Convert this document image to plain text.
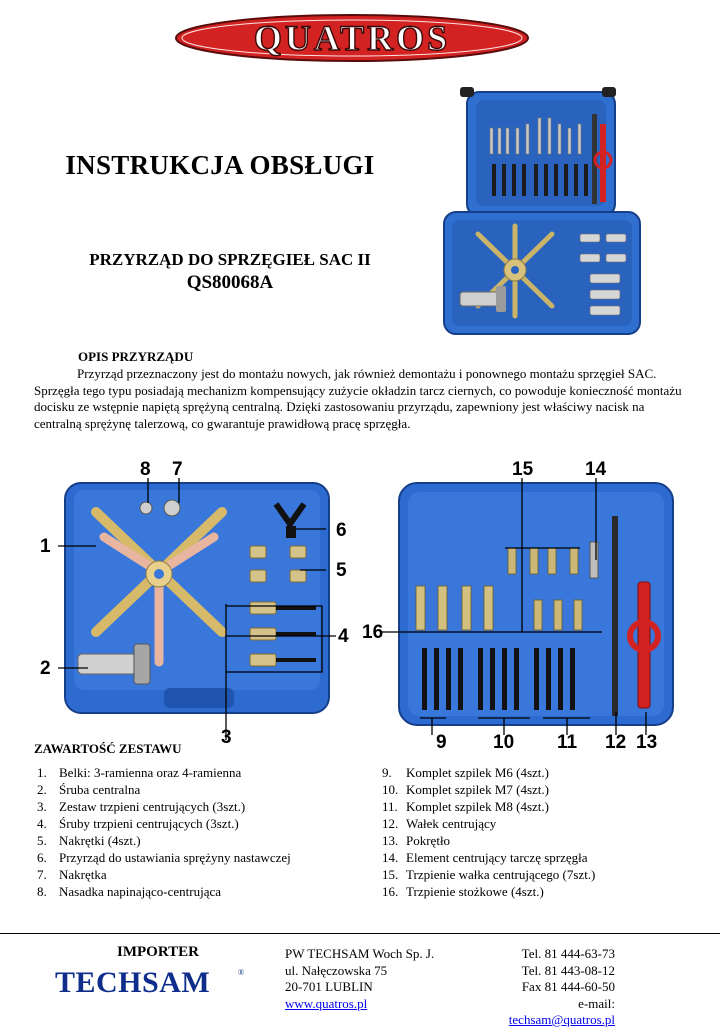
QUATROS
INSTRUKCJA OBSŁUGI
PRZYRZĄD DO SPRZĘGIEŁ SAC II
QS80068A
OPIS PRZYRZĄDU
Przyrząd przeznaczony jest do montażu nowych, jak również demontażu i ponownego montażu sprzęgieł SAC. Sprzęgła tego typu posiadają mechanizm kompensujący zużycie okładzin tarcz ciernych, co powoduje konieczność montażu docisku ze wstępnie napiętą sprężyną centralną. Dzięki zastosowaniu przyrządu, zapewniony jest właściwy nacisk na centralną sprężynę talerzową, co gwarantuje prawidłową pracę sprzęgła.
8 7
1
6
5
4
2
3
15	14
16
9 10 11 12 13
ZAWARTOŚĆ ZESTAWU
1. Belki: 3-ramienna oraz 4-ramienna
2. Śruba centralna
3. Zestaw trzpieni centrujących (3szt.)
4. Śruby trzpieni centrujących (3szt.)
5. Nakrętki (4szt.)
6. Przyrząd do ustawiania sprężyny nastawczej
7. Nakrętka
8. Nasadka napinająco-centrująca
9. Komplet szpilek M6 (4szt.)
10. Komplet szpilek M7 (4szt.)
11. Komplet szpilek M8 (4szt.)
12. Wałek centrujący
13. Pokrętło
14. Element centrujący tarczę sprzęgła
15. Trzpienie wałka centrującego (7szt.)
16. Trzpienie stożkowe (4szt.)
IMPORTER
TECHSAM	®
PW TECHSAM Woch Sp. J.
ul. Nałęczowska 75
20-701 LUBLIN
www.quatros.pl
Tel. 81 444-63-73
Tel. 81 443-08-12
Fax 81 444-60-50
e-mail: techsam@quatros.pl
